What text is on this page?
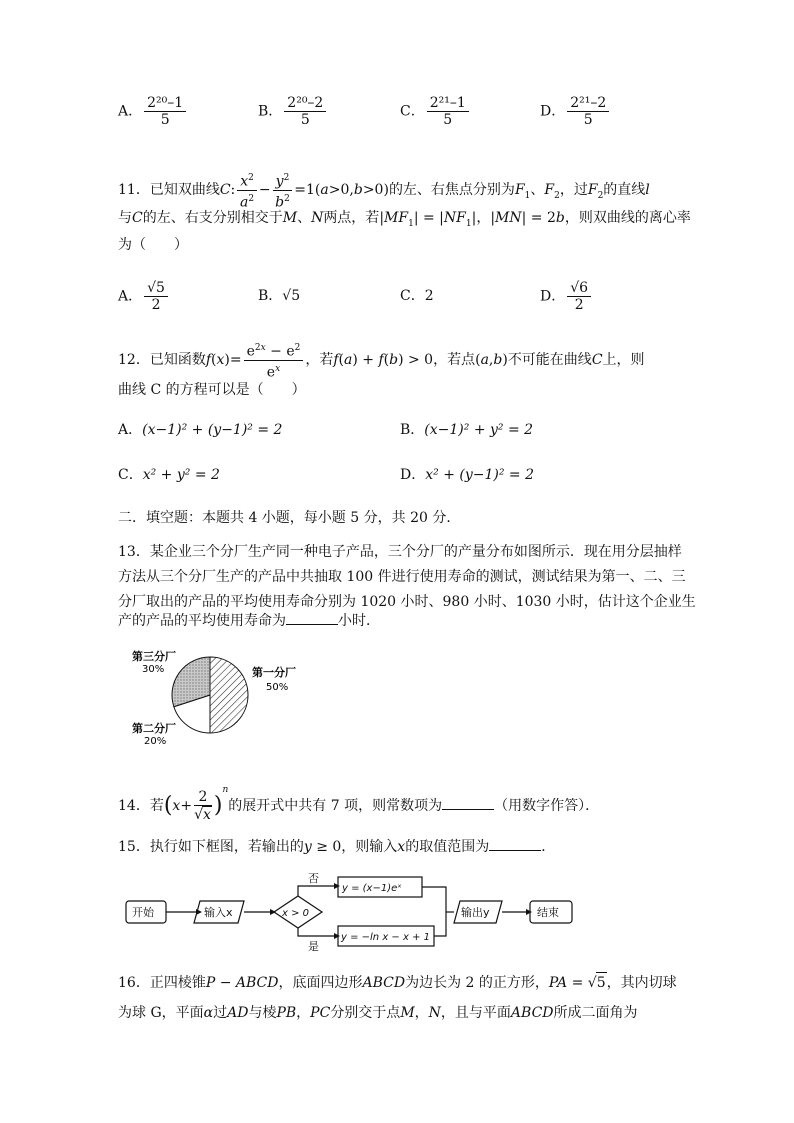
A． $\frac{\text{2²⁰–1}}{5}$	B． $\frac{\text{2²⁰–2}}{5}$	C． $\frac{\text{2²¹–1}}{5}$	D． $\frac{\text{2²¹–2}}{5}$
11．已知双曲线C: $\frac{x^2}{a^2} - \frac{y^2}{b^2} =1(a>0,b>0)$的左、右焦点分别为$F_1$、$F_2$，过$F_2$的直线l
与C的左、右支分别相交于M、N两点，若$|MF_1| = |NF_1|$，|MN| = 2b，则双曲线的离心率
为（　　）
A． $\frac{√5}{2}$	B．√5	C．2	D． $\frac{√6}{2}$
12．已知函数$f(x)= \frac{e^{2x} - e^2}{e^x}$ ，若f(a) + f(b) > 0，若点(a,b)不可能在曲线C上，则
曲线 C 的方程可以是（　　）
A．(x−1)² + (y−1)² = 2	B．(x−1)² + y² = 2
C．x² + y² = 2	D．x² + (y−1)² = 2
二．填空题：本题共 4 小题，每小题 5 分，共 20 分．
13．某企业三个分厂生产同一种电子产品，三个分厂的产量分布如图所示．现在用分层抽样
方法从三个分厂生产的产品中共抽取 100 件进行使用寿命的测试，测试结果为第一、二、三
分厂取出的产品的平均使用寿命分别为 1020 小时、980 小时、1030 小时，估计这个企业生
产的产品的平均使用寿命为	小时．
第三分厂
30%	第一分厂
50%
第二分厂
20%
14．若$(x+ \frac{2}{√x} )^n$的展开式中共有 7 项，则常数项为	（用数字作答）．
15．执行如下框图，若输出的y ≥ 0，则输入x的取值范围为	．
开始	输入x	x > 0
否
是
y = (x−1)eˣ
y = −ln x − x + 1
输出y	结束
16．正四棱锥P − ABCD，底面四边形ABCD为边长为 2 的正方形，PA = √5，其内切球
为球 G，平面α过AD与棱PB，PC分别交于点M，N，且与平面ABCD所成二面角为
